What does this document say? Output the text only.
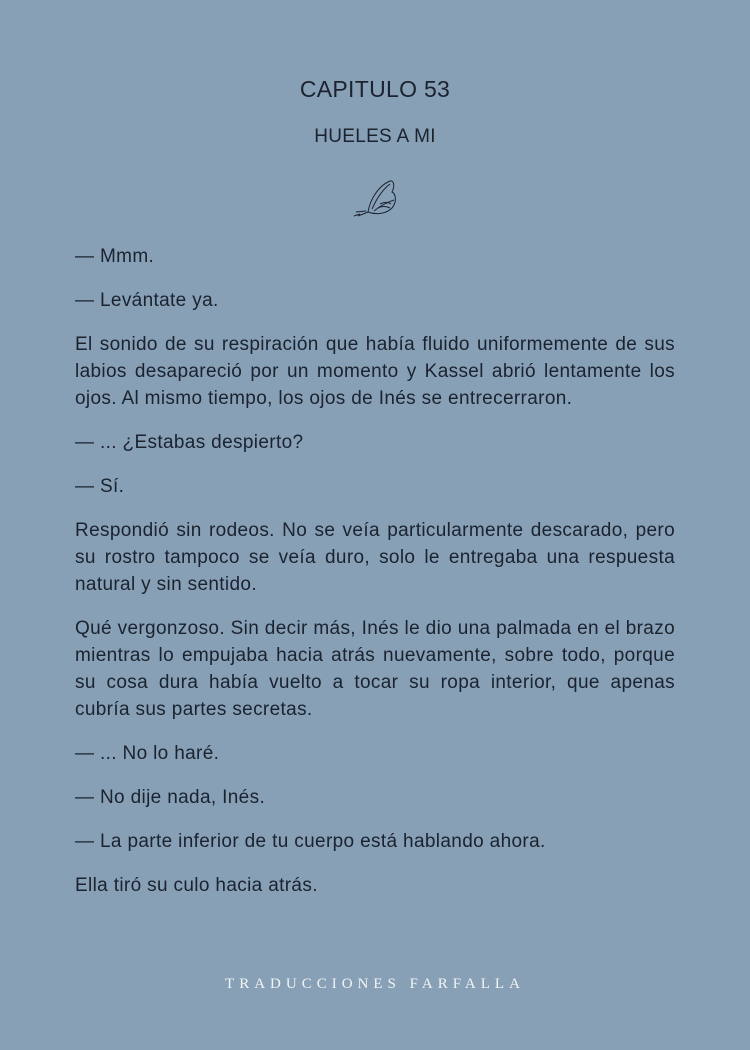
CAPITULO 53
HUELES A MI

— Mmm.

— Levántate ya.

El sonido de su respiración que había fluido uniformemente de sus labios desapareció por un momento y Kassel abrió lentamente los ojos. Al mismo tiempo, los ojos de Inés se entrecerraron.

— ... ¿Estabas despierto?

— Sí.

Respondió sin rodeos. No se veía particularmente descarado, pero su rostro tampoco se veía duro, solo le entregaba una respuesta natural y sin sentido.

Qué vergonzoso. Sin decir más, Inés le dio una palmada en el brazo mientras lo empujaba hacia atrás nuevamente, sobre todo, porque su cosa dura había vuelto a tocar su ropa interior, que apenas cubría sus partes secretas.

— ... No lo haré.

— No dije nada, Inés.

— La parte inferior de tu cuerpo está hablando ahora.

Ella tiró su culo hacia atrás.

TRADUCCIONES FARFALLA
